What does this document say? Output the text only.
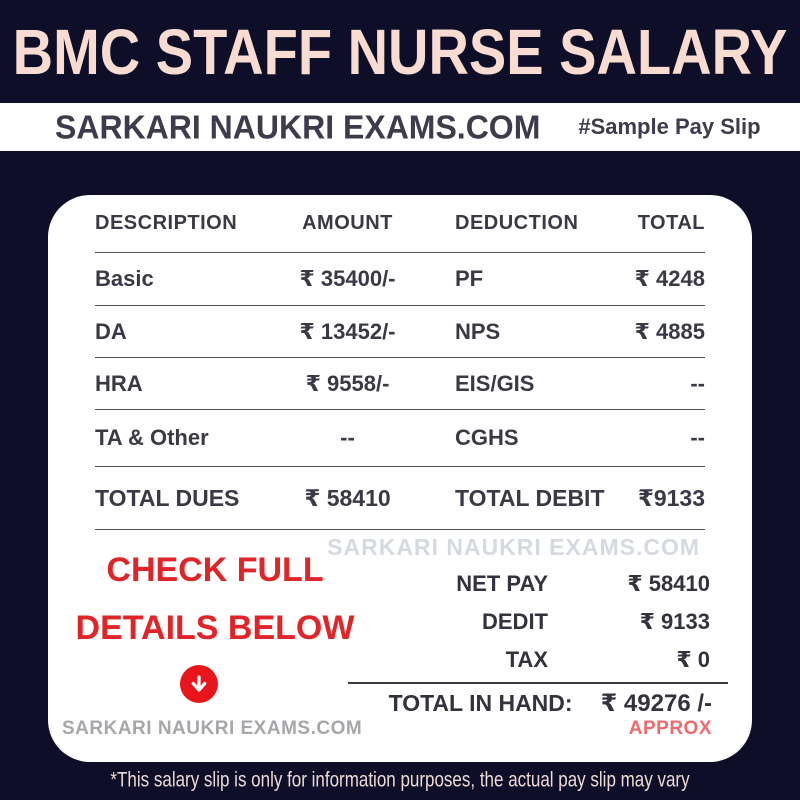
BMC STAFF NURSE SALARY
SARKARI NAUKRI EXAMS.COM #Sample Pay Slip
DESCRIPTION	AMOUNT	DEDUCTION	TOTAL
Basic	₹ 35400/-	PF	₹ 4248
DA	₹ 13452/-	NPS	₹ 4885
HRA	₹ 9558/-	EIS/GIS	--
TA & Other	--	CGHS	--
TOTAL DUES	₹ 58410	TOTAL DEBIT	₹9133
SARKARI NAUKRI EXAMS.COM
CHECK FULL
DETAILS BELOW
NET PAY	₹ 58410
DEDIT	₹ 9133
TAX	₹ 0
TOTAL IN HAND: ₹ 49276 /-
APPROX
SARKARI NAUKRI EXAMS.COM
*This salary slip is only for information purposes, the actual pay slip may vary
